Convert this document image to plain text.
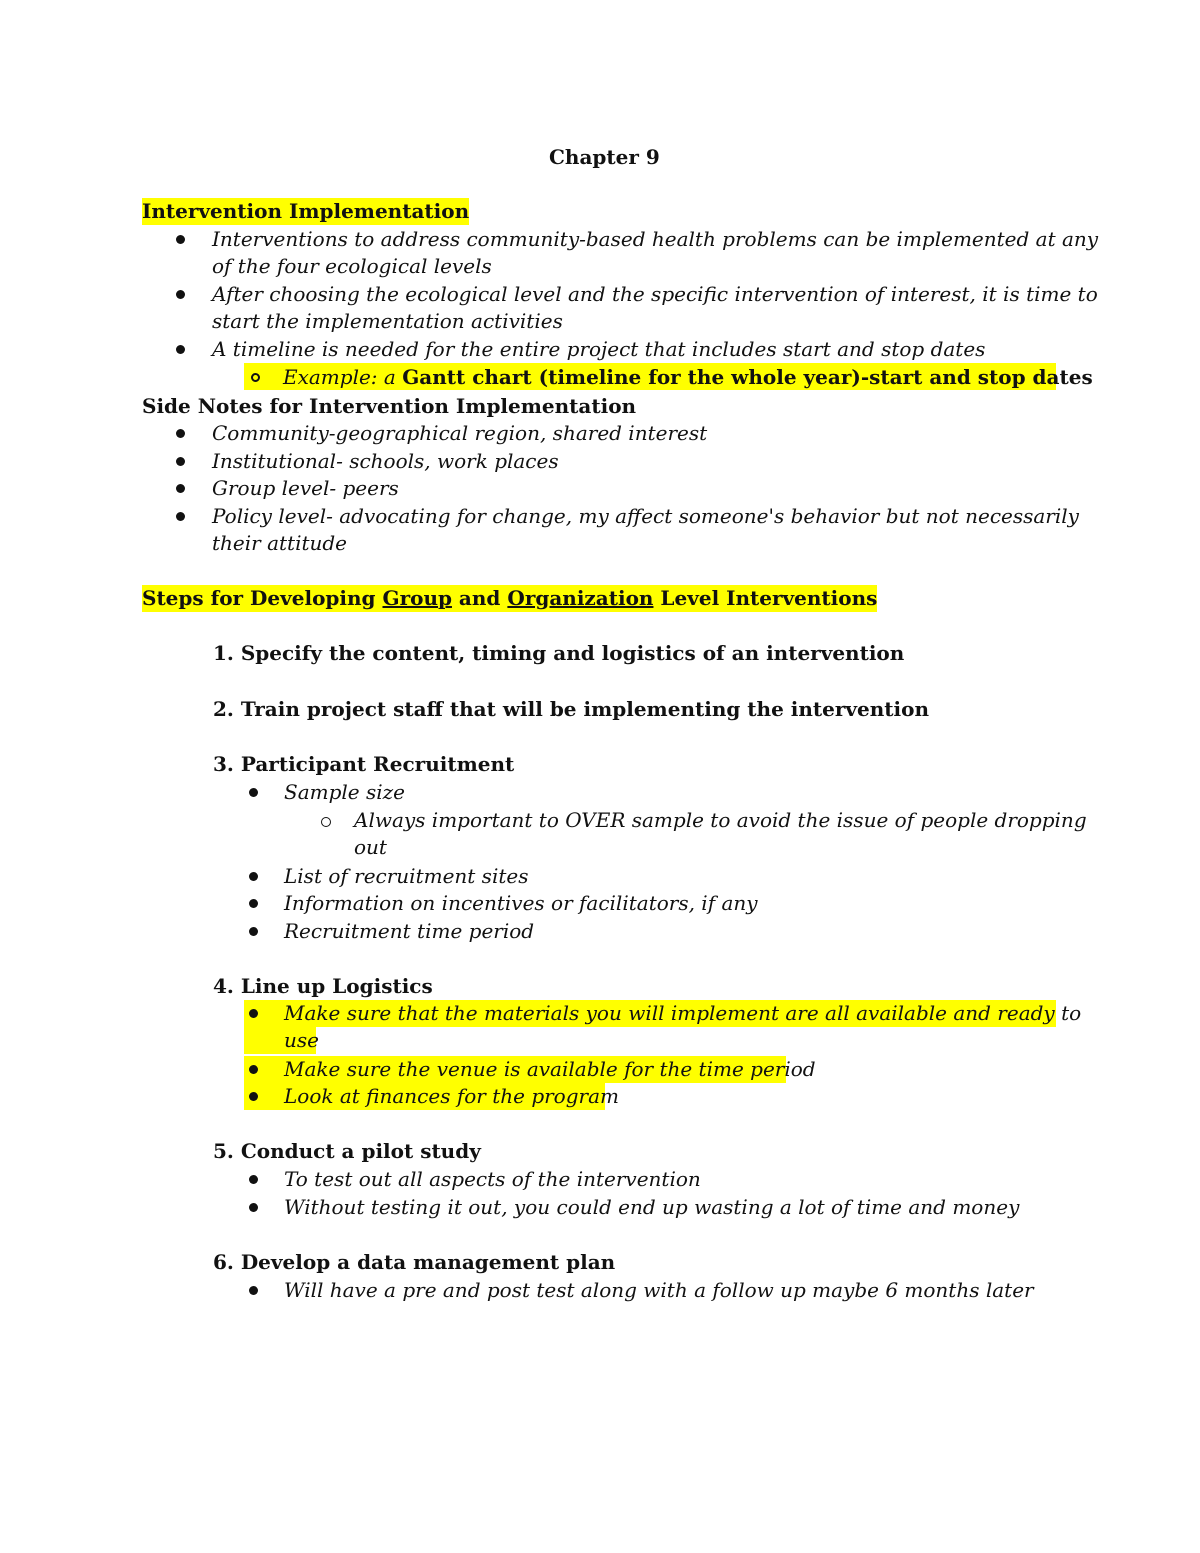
Chapter 9
Intervention Implementation
Interventions to address community-based health problems can be implemented at any
of the four ecological levels
After choosing the ecological level and the specific intervention of interest, it is time to
start the implementation activities
A timeline is needed for the entire project that includes start and stop dates
Example: a Gantt chart (timeline for the whole year)-start and stop dates
Side Notes for Intervention Implementation
Community-geographical region, shared interest
Institutional- schools, work places
Group level- peers
Policy level- advocating for change, my affect someone's behavior but not necessarily
their attitude
Steps for Developing Group and Organization Level Interventions
1. Specify the content, timing and logistics of an intervention
2. Train project staff that will be implementing the intervention
3. Participant Recruitment
Sample size
Always important to OVER sample to avoid the issue of people dropping
out
List of recruitment sites
Information on incentives or facilitators, if any
Recruitment time period
4. Line up Logistics
Make sure that the materials you will implement are all available and ready to
use
Make sure the venue is available for the time period
Look at finances for the program
5. Conduct a pilot study
To test out all aspects of the intervention
Without testing it out, you could end up wasting a lot of time and money
6. Develop a data management plan
Will have a pre and post test along with a follow up maybe 6 months later
